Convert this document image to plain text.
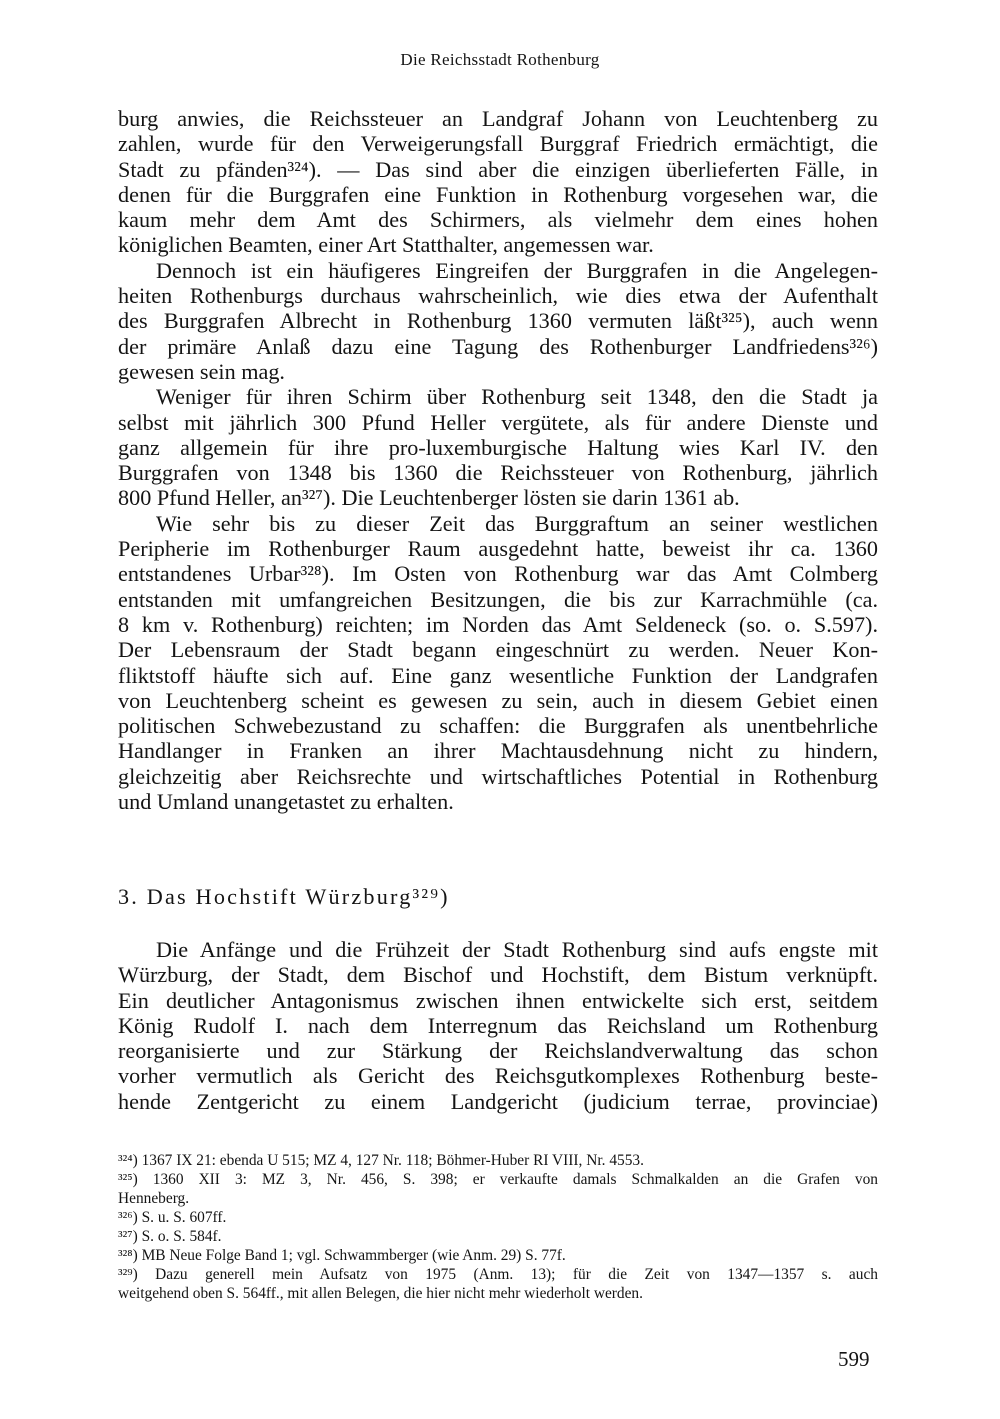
Die Reichsstadt Rothenburg
burg anwies, die Reichssteuer an Landgraf Johann von Leuchtenberg zu
zahlen, wurde für den Verweigerungsfall Burggraf Friedrich ermächtigt, die
Stadt zu pfänden³²⁴). — Das sind aber die einzigen überlieferten Fälle, in
denen für die Burggrafen eine Funktion in Rothenburg vorgesehen war, die
kaum mehr dem Amt des Schirmers, als vielmehr dem eines hohen
königlichen Beamten, einer Art Statthalter, angemessen war.
Dennoch ist ein häufigeres Eingreifen der Burggrafen in die Angelegen-
heiten Rothenburgs durchaus wahrscheinlich, wie dies etwa der Aufenthalt
des Burggrafen Albrecht in Rothenburg 1360 vermuten läßt³²⁵), auch wenn
der primäre Anlaß dazu eine Tagung des Rothenburger Landfriedens³²⁶)
gewesen sein mag.
Weniger für ihren Schirm über Rothenburg seit 1348, den die Stadt ja
selbst mit jährlich 300 Pfund Heller vergütete, als für andere Dienste und
ganz allgemein für ihre pro-luxemburgische Haltung wies Karl IV. den
Burggrafen von 1348 bis 1360 die Reichssteuer von Rothenburg, jährlich
800 Pfund Heller, an³²⁷). Die Leuchtenberger lösten sie darin 1361 ab.
Wie sehr bis zu dieser Zeit das Burggraftum an seiner westlichen
Peripherie im Rothenburger Raum ausgedehnt hatte, beweist ihr ca. 1360
entstandenes Urbar³²⁸). Im Osten von Rothenburg war das Amt Colmberg
entstanden mit umfangreichen Besitzungen, die bis zur Karrachmühle (ca.
8 km v. Rothenburg) reichten; im Norden das Amt Seldeneck (so. o. S.597).
Der Lebensraum der Stadt begann eingeschnürt zu werden. Neuer Kon-
fliktstoff häufte sich auf. Eine ganz wesentliche Funktion der Landgrafen
von Leuchtenberg scheint es gewesen zu sein, auch in diesem Gebiet einen
politischen Schwebezustand zu schaffen: die Burggrafen als unentbehrliche
Handlanger in Franken an ihrer Machtausdehnung nicht zu hindern,
gleichzeitig aber Reichsrechte und wirtschaftliches Potential in Rothenburg
und Umland unangetastet zu erhalten.
3. Das Hochstift Würzburg³²⁹)
Die Anfänge und die Frühzeit der Stadt Rothenburg sind aufs engste mit
Würzburg, der Stadt, dem Bischof und Hochstift, dem Bistum verknüpft.
Ein deutlicher Antagonismus zwischen ihnen entwickelte sich erst, seitdem
König Rudolf I. nach dem Interregnum das Reichsland um Rothenburg
reorganisierte und zur Stärkung der Reichslandverwaltung das schon
vorher vermutlich als Gericht des Reichsgutkomplexes Rothenburg beste-
hende Zentgericht zu einem Landgericht (judicium terrae, provinciae)
³²⁴) 1367 IX 21: ebenda U 515; MZ 4, 127 Nr. 118; Böhmer-Huber RI VIII, Nr. 4553.
³²⁵) 1360 XII 3: MZ 3, Nr. 456, S. 398; er verkaufte damals Schmalkalden an die Grafen von
Henneberg.
³²⁶) S. u. S. 607ff.
³²⁷) S. o. S. 584f.
³²⁸) MB Neue Folge Band 1; vgl. Schwammberger (wie Anm. 29) S. 77f.
³²⁹) Dazu generell mein Aufsatz von 1975 (Anm. 13); für die Zeit von 1347—1357 s. auch
weitgehend oben S. 564ff., mit allen Belegen, die hier nicht mehr wiederholt werden.
599
